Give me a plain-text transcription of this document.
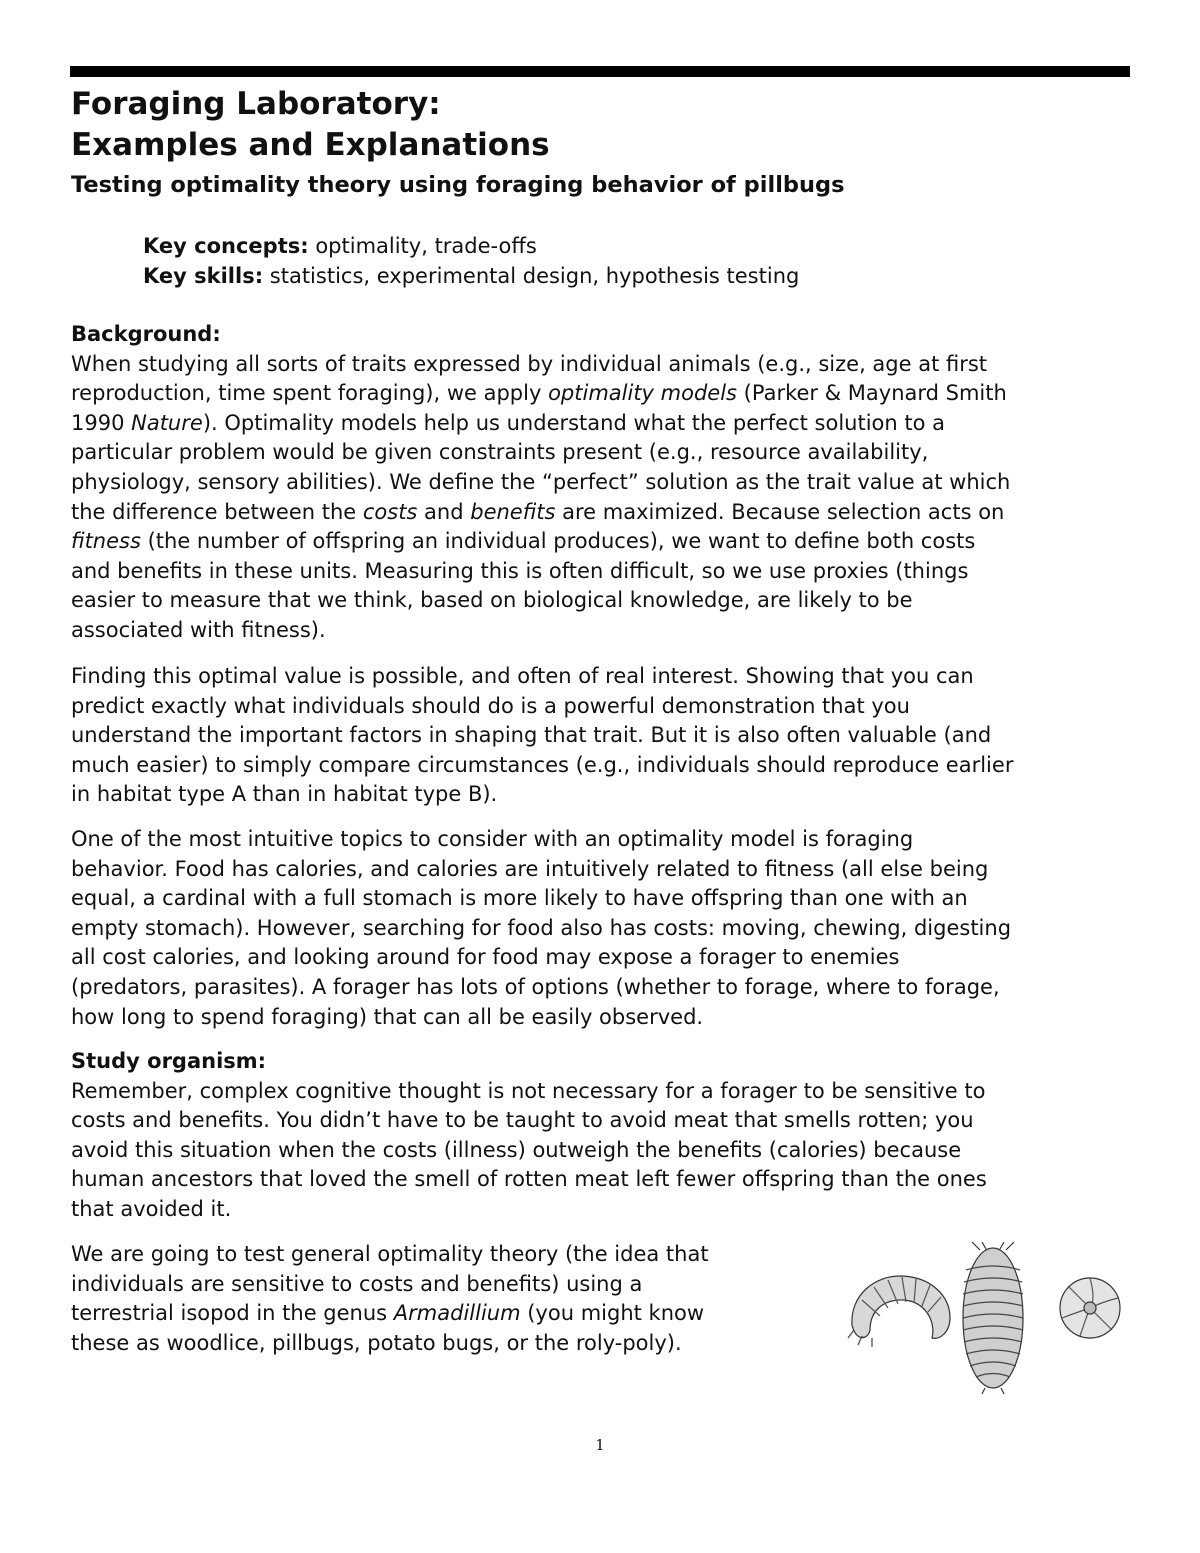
Foraging Laboratory:
Examples and Explanations
Testing optimality theory using foraging behavior of pillbugs
Key concepts: optimality, trade-offs
Key skills: statistics, experimental design, hypothesis testing
Background:
When studying all sorts of traits expressed by individual animals (e.g., size, age at first
reproduction, time spent foraging), we apply optimality models (Parker & Maynard Smith
1990 Nature). Optimality models help us understand what the perfect solution to a
particular problem would be given constraints present (e.g., resource availability,
physiology, sensory abilities). We define the “perfect” solution as the trait value at which
the difference between the costs and benefits are maximized. Because selection acts on
fitness (the number of offspring an individual produces), we want to define both costs
and benefits in these units. Measuring this is often difficult, so we use proxies (things
easier to measure that we think, based on biological knowledge, are likely to be
associated with fitness).
Finding this optimal value is possible, and often of real interest. Showing that you can
predict exactly what individuals should do is a powerful demonstration that you
understand the important factors in shaping that trait. But it is also often valuable (and
much easier) to simply compare circumstances (e.g., individuals should reproduce earlier
in habitat type A than in habitat type B).
One of the most intuitive topics to consider with an optimality model is foraging
behavior. Food has calories, and calories are intuitively related to fitness (all else being
equal, a cardinal with a full stomach is more likely to have offspring than one with an
empty stomach). However, searching for food also has costs: moving, chewing, digesting
all cost calories, and looking around for food may expose a forager to enemies
(predators, parasites). A forager has lots of options (whether to forage, where to forage,
how long to spend foraging) that can all be easily observed.
Study organism:
Remember, complex cognitive thought is not necessary for a forager to be sensitive to
costs and benefits. You didn’t have to be taught to avoid meat that smells rotten; you
avoid this situation when the costs (illness) outweigh the benefits (calories) because
human ancestors that loved the smell of rotten meat left fewer offspring than the ones
that avoided it.
We are going to test general optimality theory (the idea that
individuals are sensitive to costs and benefits) using a
terrestrial isopod in the genus Armadillium (you might know
these as woodlice, pillbugs, potato bugs, or the roly-poly).
1
